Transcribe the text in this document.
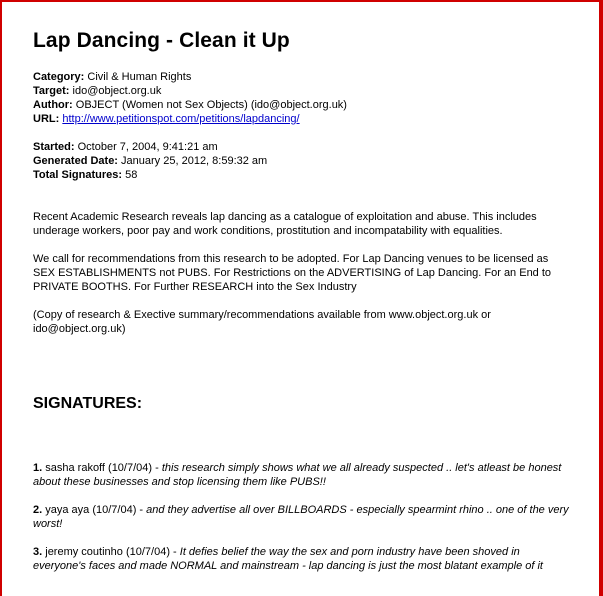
Lap Dancing - Clean it Up
Category: Civil & Human Rights
Target: ido@object.org.uk
Author: OBJECT (Women not Sex Objects) (ido@object.org.uk)
URL: http://www.petitionspot.com/petitions/lapdancing/
Started: October 7, 2004, 9:41:21 am
Generated Date: January 25, 2012, 8:59:32 am
Total Signatures: 58

Recent Academic Research reveals lap dancing as a catalogue of exploitation and abuse. This includes underage workers, poor pay and work conditions, prostitution and incompatability with equalities.

We call for recommendations from this research to be adopted. For Lap Dancing venues to be licensed as SEX ESTABLISHMENTS not PUBS. For Restrictions on the ADVERTISING of Lap Dancing. For an End to PRIVATE BOOTHS. For Further RESEARCH into the Sex Industry

(Copy of research & Exective summary/recommendations available from www.object.org.uk or ido@object.org.uk)

SIGNATURES:

1. sasha rakoff (10/7/04) - this research simply shows what we all already suspected .. let's atleast be honest about these businesses and stop licensing them like PUBS!!

2. yaya aya (10/7/04) - and they advertise all over BILLBOARDS - especially spearmint rhino .. one of the very worst!

3. jeremy coutinho (10/7/04) - It defies belief the way the sex and porn industry have been shoved in everyone's faces and made NORMAL and mainstream - lap dancing is just the most blatant example of it
